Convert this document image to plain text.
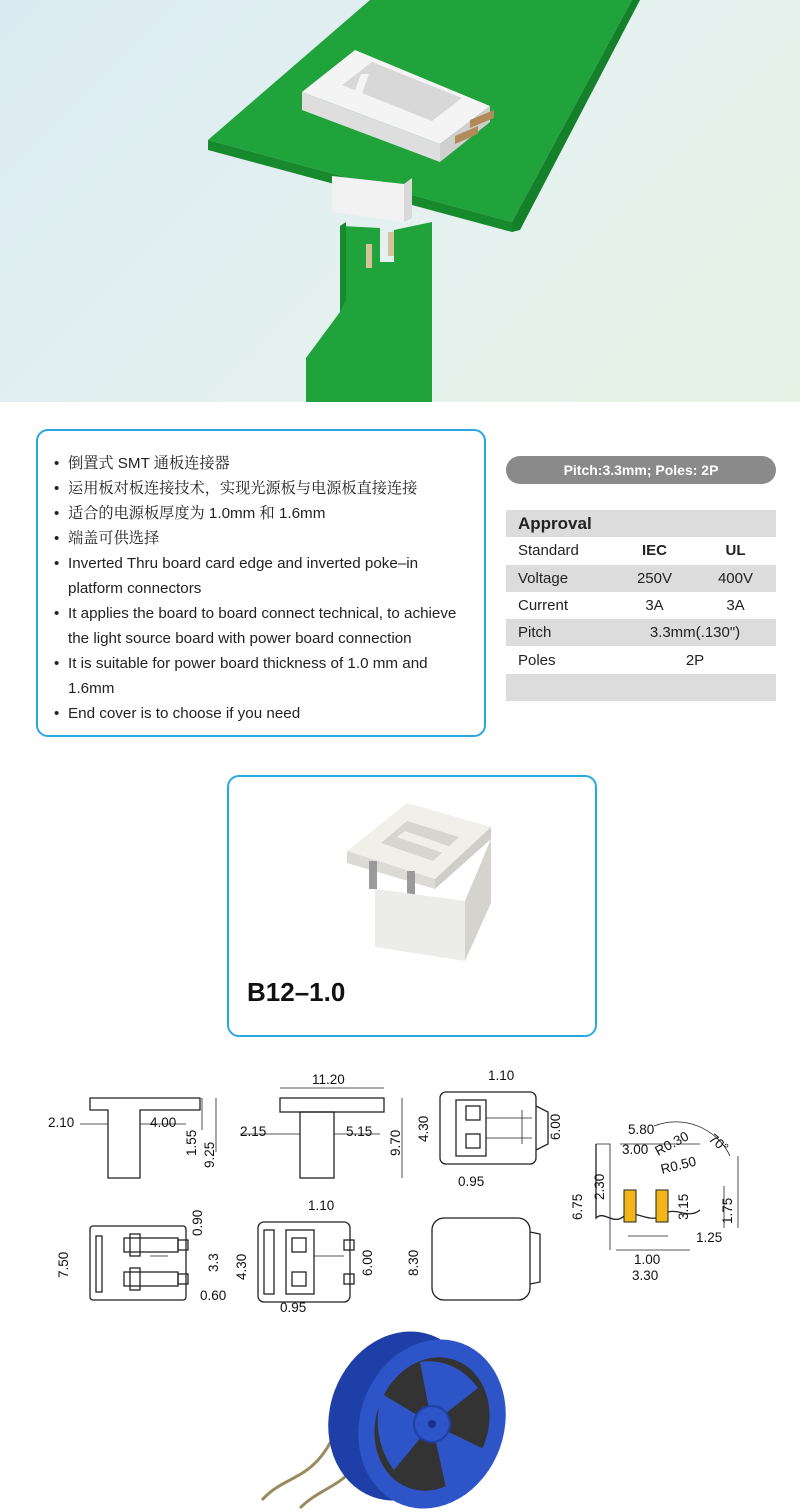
• 倒置式 SMT 通板连接器
• 运用板对板连接技术，实现光源板与电源板直接连接
• 适合的电源板厚度为 1.0mm 和 1.6mm
• 端盖可供选择
• Inverted Thru board card edge and inverted poke–in platform connectors
• It applies the board to board connect technical, to achieve the light source board with power board connection
• It is suitable for power board thickness of 1.0 mm and 1.6mm
• End cover is to choose if you need
Pitch:3.3mm; Poles: 2P
Approval		
Standard	IEC	UL
Voltage	250V	400V
Current	3A	3A
Pitch	3.3mm(.130")	
Poles	2P	

B12–1.0
2.10	4.00
1.55 9.25
11.20
2.15	5.15 9.70
1.10
4.30	6.00
0.95
0.90
7.50	3.3
0.60
1.10
4.30	6.00
0.95
8.30
5.80
3.00 R0.30 70°
R0.50
2.30
6.75	3.15 1.75
1.25
1.00
3.30
